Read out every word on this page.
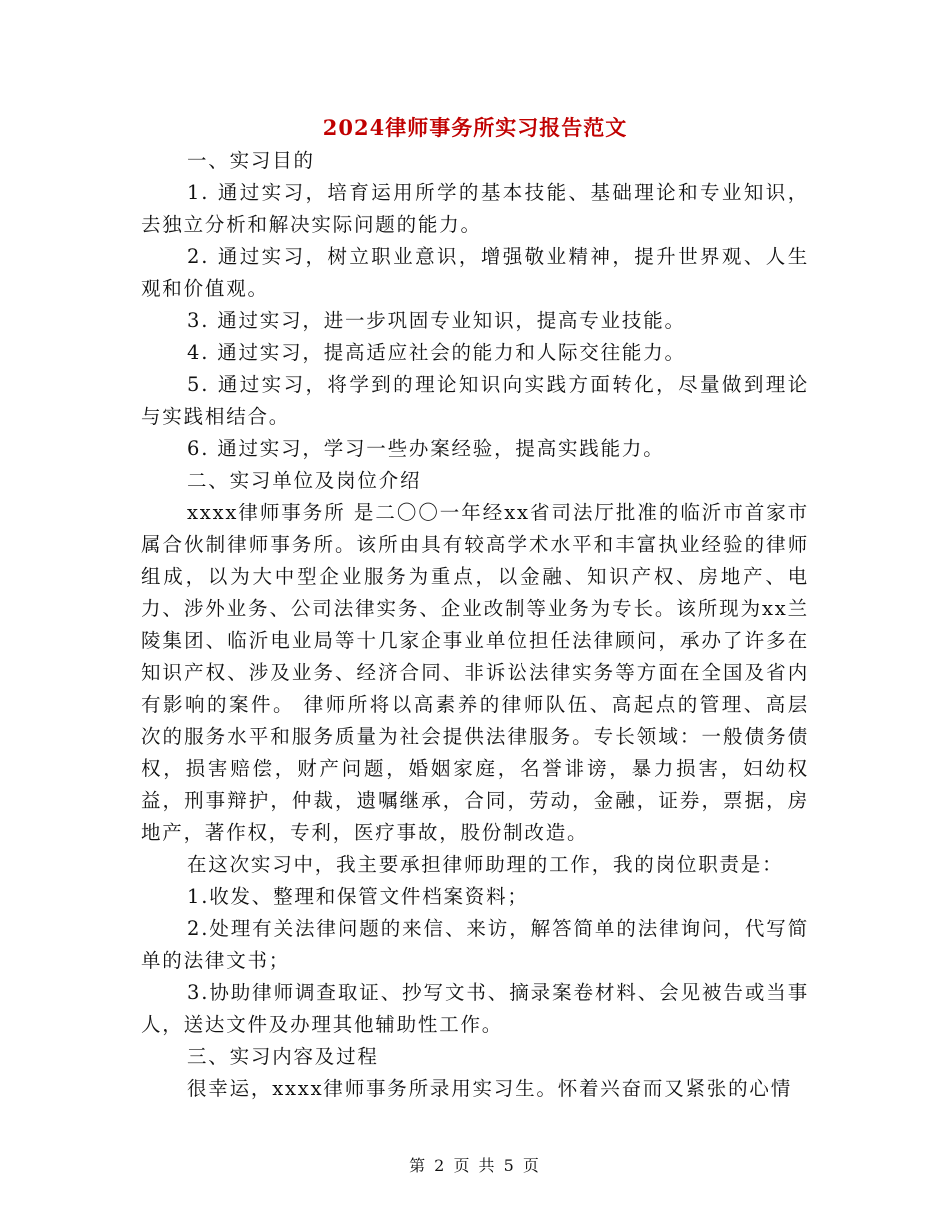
2024律师事务所实习报告范文

一、实习目的

1. 通过实习，培育运用所学的基本技能、基础理论和专业知识，去独立分析和解决实际问题的能力。

2. 通过实习，树立职业意识，增强敬业精神，提升世界观、人生观和价值观。

3. 通过实习，进一步巩固专业知识，提高专业技能。

4. 通过实习，提高适应社会的能力和人际交往能力。

5. 通过实习，将学到的理论知识向实践方面转化，尽量做到理论与实践相结合。

6. 通过实习，学习一些办案经验，提高实践能力。

二、实习单位及岗位介绍

xxxx律师事务所 是二〇〇一年经xx省司法厅批准的临沂市首家市属合伙制律师事务所。该所由具有较高学术水平和丰富执业经验的律师组成，以为大中型企业服务为重点，以金融、知识产权、房地产、电力、涉外业务、公司法律实务、企业改制等业务为专长。该所现为xx兰陵集团、临沂电业局等十几家企事业单位担任法律顾问，承办了许多在知识产权、涉及业务、经济合同、非诉讼法律实务等方面在全国及省内有影响的案件。 律师所将以高素养的律师队伍、高起点的管理、高层次的服务水平和服务质量为社会提供法律服务。专长领域：一般债务债权，损害赔偿，财产问题，婚姻家庭，名誉诽谤，暴力损害，妇幼权益，刑事辩护，仲裁，遗嘱继承，合同，劳动，金融，证券，票据，房地产，著作权，专利，医疗事故，股份制改造。

在这次实习中，我主要承担律师助理的工作，我的岗位职责是：

1.收发、整理和保管文件档案资料；

2.处理有关法律问题的来信、来访，解答简单的法律询问，代写简单的法律文书；

3.协助律师调查取证、抄写文书、摘录案卷材料、会见被告或当事人，送达文件及办理其他辅助性工作。

三、实习内容及过程

很幸运，xxxx律师事务所录用实习生。怀着兴奋而又紧张的心情

第 2 页 共 5 页
